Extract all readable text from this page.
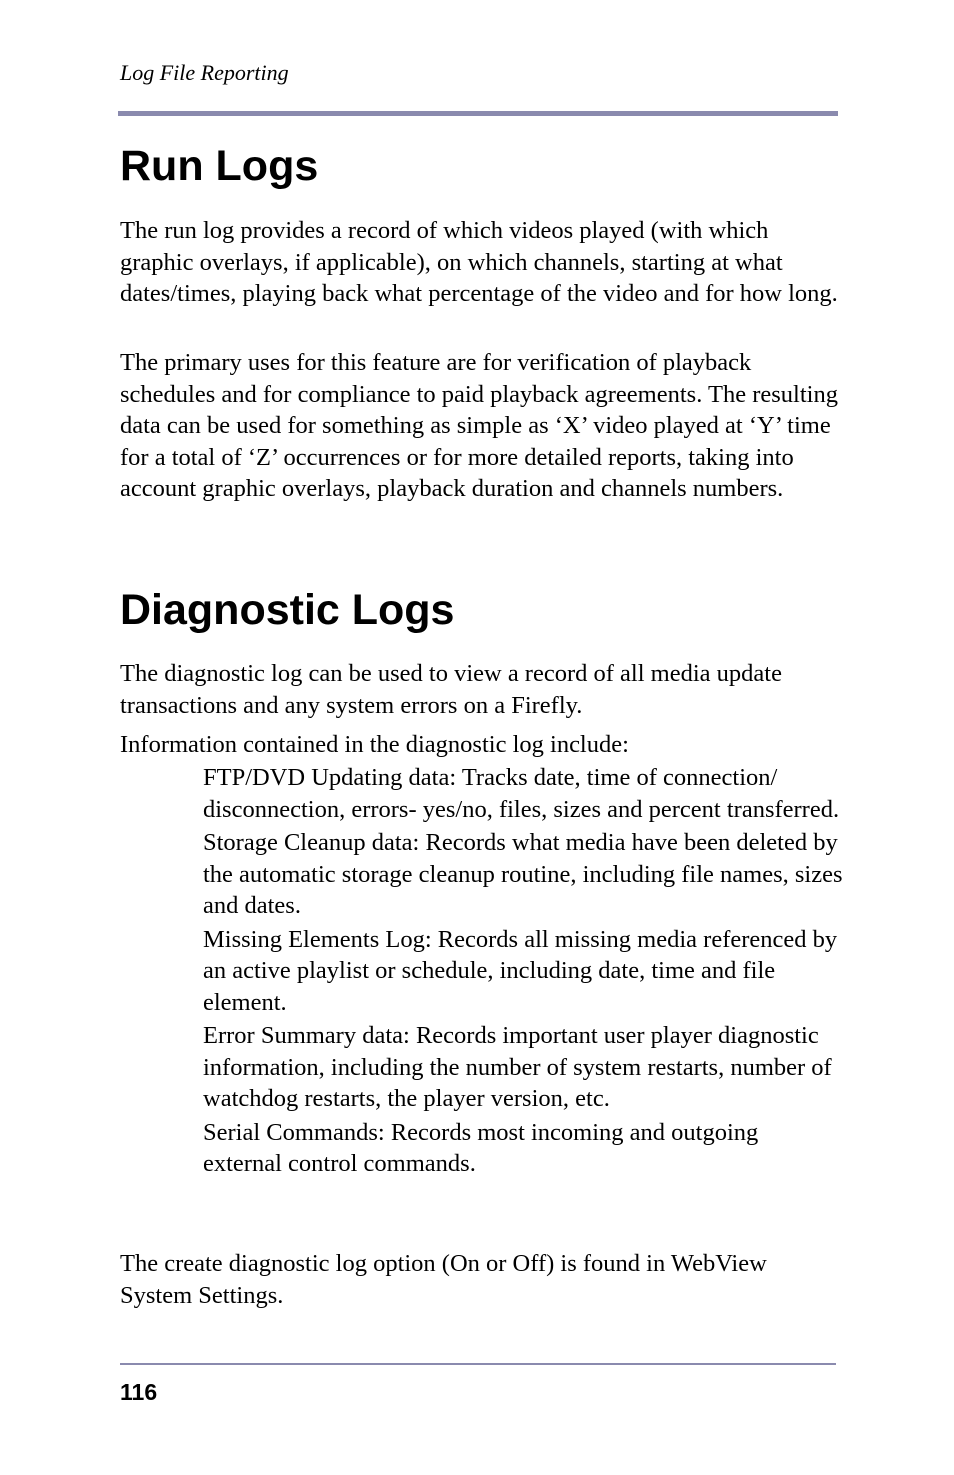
Log File Reporting
Run Logs

The run log provides a record of which videos played (with which graphic overlays, if applicable), on which channels, starting at what dates/times, playing back what percentage of the video and for how long.

The primary uses for this feature are for verification of playback schedules and for compliance to paid playback agreements. The resulting data can be used for something as simple as ‘X’ video played at ‘Y’ time for a total of ‘Z’ occurrences or for more detailed reports, taking into account graphic overlays, playback duration and channels numbers.

Diagnostic Logs

The diagnostic log can be used to view a record of all media update transactions and any system errors on a Firefly.

Information contained in the diagnostic log include:

FTP/DVD Updating data: Tracks date, time of connection/ disconnection, errors- yes/no, files, sizes and percent transferred.
Storage Cleanup data: Records what media have been deleted by the automatic storage cleanup routine, including file names, sizes and dates.
Missing Elements Log: Records all missing media referenced by an active playlist or schedule, including date, time and file element.
Error Summary data: Records important user player diagnostic information, including the number of system restarts, number of watchdog restarts, the player version, etc.
Serial Commands: Records most incoming and outgoing external control commands.

The create diagnostic log option (On or Off) is found in WebView System Settings.

116
